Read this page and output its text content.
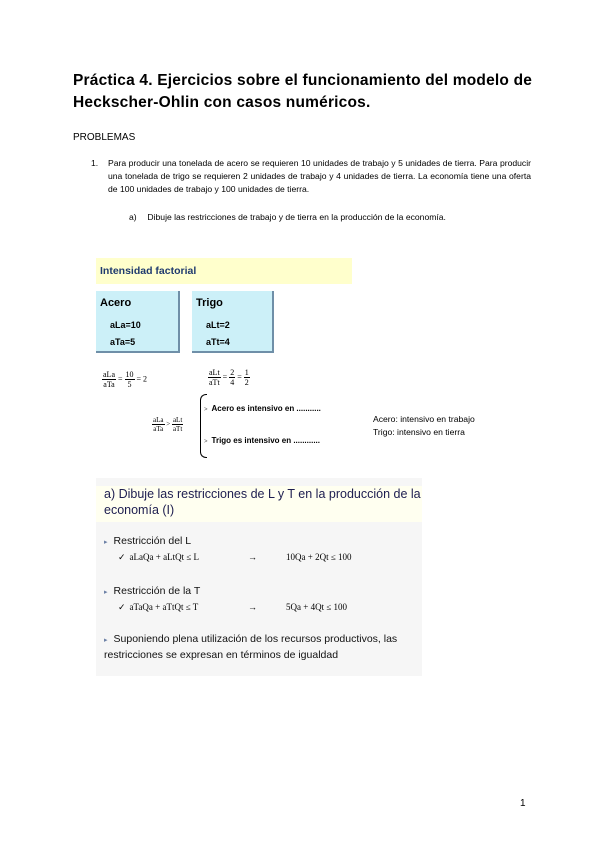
Práctica 4. Ejercicios sobre el funcionamiento del modelo de Heckscher-Ohlin con casos numéricos.
PROBLEMAS
1. Para producir una tonelada de acero se requieren 10 unidades de trabajo y 5 unidades de tierra. Para producir una tonelada de trigo se requieren 2 unidades de trabajo y 4 unidades de tierra. La economía tiene una oferta de 100 unidades de trabajo y 100 unidades de tierra.
a) Dibuje las restricciones de trabajo y de tierra en la producción de la economía.
Intensidad factorial
Acero
aLa=10
aTa=5
Trigo
aLt=2
aTt=4
$\frac{\text{aLa}}{\text{aTa}} = \frac{10}{5} = 2$	$\frac{\text{aLt}}{\text{aTt}} = \frac{2}{4} = \frac{1}{2}$
$\frac{\text{aLa}}{\text{aTa}} > \frac{\text{aLt}}{\text{aTt}}$
> Acero es intensivo en ...........
> Trigo es intensivo en ............
Acero: intensivo en trabajo
Trigo: intensivo en tierra
a) Dibuje las restricciones de L y T en la producción de la economía (I)
▸ Restricción del L
✓ aLaQa + aLtQt ≤ L	→	10Qa + 2Qt ≤ 100
▸ Restricción de la T
✓ aTaQa + aTtQt ≤ T	→	5Qa + 4Qt ≤ 100
▸ Suponiendo plena utilización de los recursos productivos, las restricciones se expresan en términos de igualdad
1
